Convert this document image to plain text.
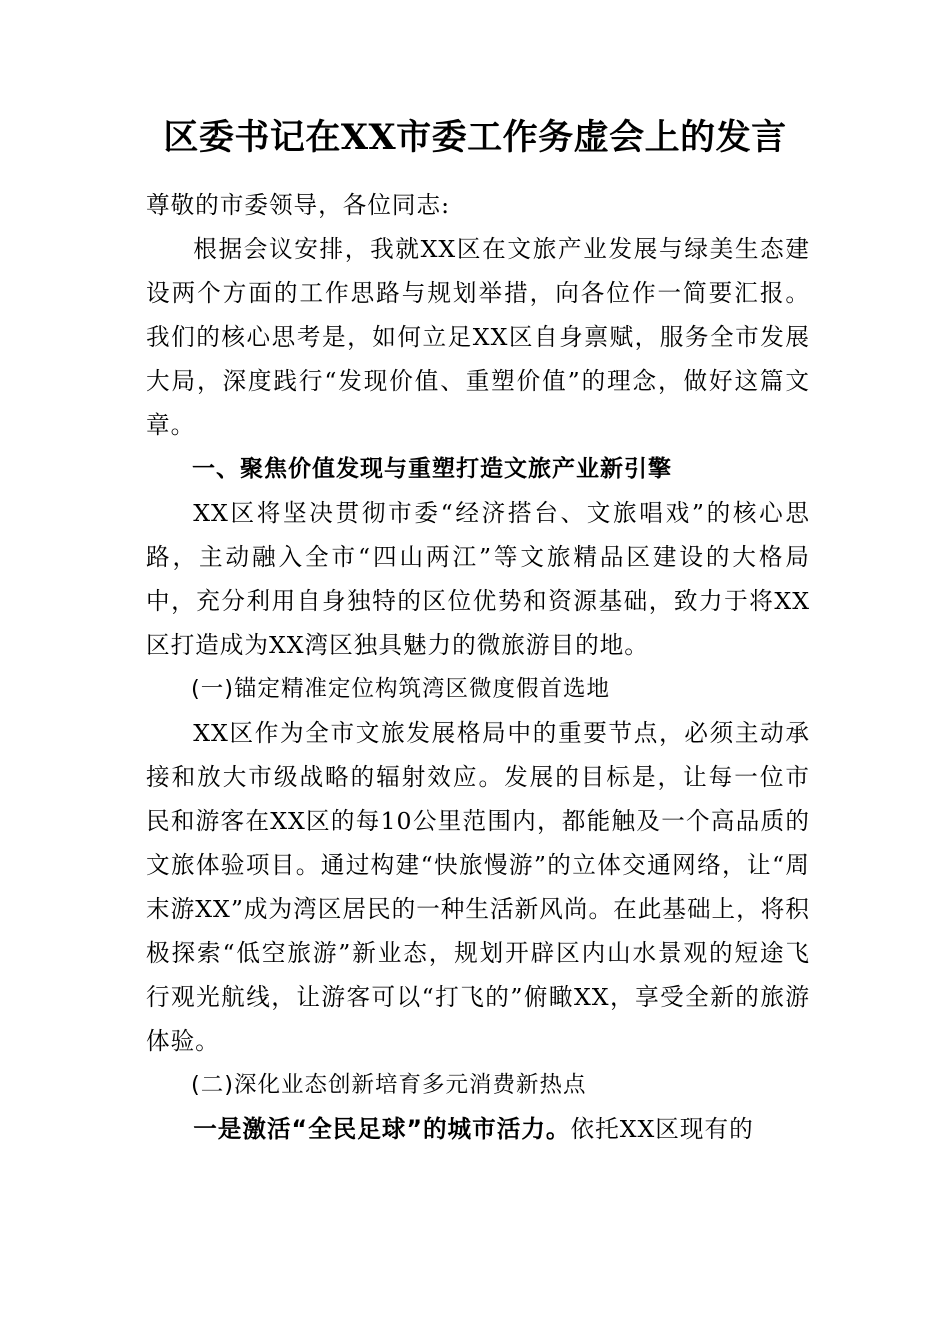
区委书记在XX市委工作务虚会上的发言

尊敬的市委领导，各位同志:

根据会议安排，我就XX区在文旅产业发展与绿美生态建设两个方面的工作思路与规划举措，向各位作一简要汇报。我们的核心思考是，如何立足XX区自身禀赋，服务全市发展大局，深度践行“发现价值、重塑价值”的理念，做好这篇文章。

一、聚焦价值发现与重塑打造文旅产业新引擎

XX区将坚决贯彻市委“经济搭台、文旅唱戏”的核心思路，主动融入全市“四山两江”等文旅精品区建设的大格局中，充分利用自身独特的区位优势和资源基础，致力于将XX区打造成为XX湾区独具魅力的微旅游目的地。

(一)锚定精准定位构筑湾区微度假首选地

XX区作为全市文旅发展格局中的重要节点，必须主动承接和放大市级战略的辐射效应。发展的目标是，让每一位市民和游客在XX区的每10公里范围内，都能触及一个高品质的文旅体验项目。通过构建“快旅慢游”的立体交通网络，让“周末游XX”成为湾区居民的一种生活新风尚。在此基础上，将积极探索“低空旅游”新业态，规划开辟区内山水景观的短途飞行观光航线，让游客可以“打飞的”俯瞰XX，享受全新的旅游体验。

(二)深化业态创新培育多元消费新热点

一是激活“全民足球”的城市活力。依托XX区现有的
